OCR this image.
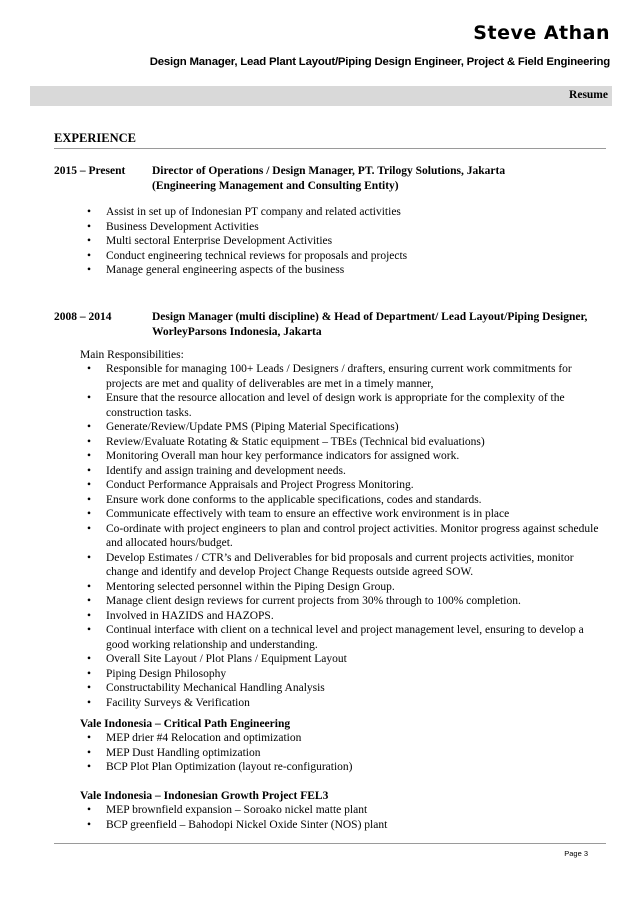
Steve Athan
Design Manager, Lead Plant Layout/Piping Design Engineer, Project & Field Engineering
Resume
EXPERIENCE
2015 – Present Director of Operations / Design Manager, PT. Trilogy Solutions, Jakarta
(Engineering Management and Consulting Entity)
• Assist in set up of Indonesian PT company and related activities
• Business Development Activities
• Multi sectoral Enterprise Development Activities
• Conduct engineering technical reviews for proposals and projects
• Manage general engineering aspects of the business
2008 – 2014	Design Manager (multi discipline) & Head of Department/ Lead Layout/Piping Designer,
WorleyParsons Indonesia, Jakarta
Main Responsibilities:
• Responsible for managing 100+ Leads / Designers / drafters, ensuring current work commitments for projects are met and quality of deliverables are met in a timely manner,
• Ensure that the resource allocation and level of design work is appropriate for the complexity of the construction tasks.
• Generate/Review/Update PMS (Piping Material Specifications)
• Review/Evaluate Rotating & Static equipment – TBEs (Technical bid evaluations)
• Monitoring Overall man hour key performance indicators for assigned work.
• Identify and assign training and development needs.
• Conduct Performance Appraisals and Project Progress Monitoring.
• Ensure work done conforms to the applicable specifications, codes and standards.
• Communicate effectively with team to ensure an effective work environment is in place
• Co-ordinate with project engineers to plan and control project activities. Monitor progress against schedule and allocated hours/budget.
• Develop Estimates / CTR’s and Deliverables for bid proposals and current projects activities, monitor change and identify and develop Project Change Requests outside agreed SOW.
• Mentoring selected personnel within the Piping Design Group.
• Manage client design reviews for current projects from 30% through to 100% completion.
• Involved in HAZIDS and HAZOPS.
• Continual interface with client on a technical level and project management level, ensuring to develop a good working relationship and understanding.
• Overall Site Layout / Plot Plans / Equipment Layout
• Piping Design Philosophy
• Constructability Mechanical Handling Analysis
• Facility Surveys & Verification
Vale Indonesia – Critical Path Engineering
• MEP drier #4 Relocation and optimization
• MEP Dust Handling optimization
• BCP Plot Plan Optimization (layout re-configuration)
Vale Indonesia – Indonesian Growth Project FEL3
• MEP brownfield expansion – Soroako nickel matte plant
• BCP greenfield – Bahodopi Nickel Oxide Sinter (NOS) plant
Page 3
